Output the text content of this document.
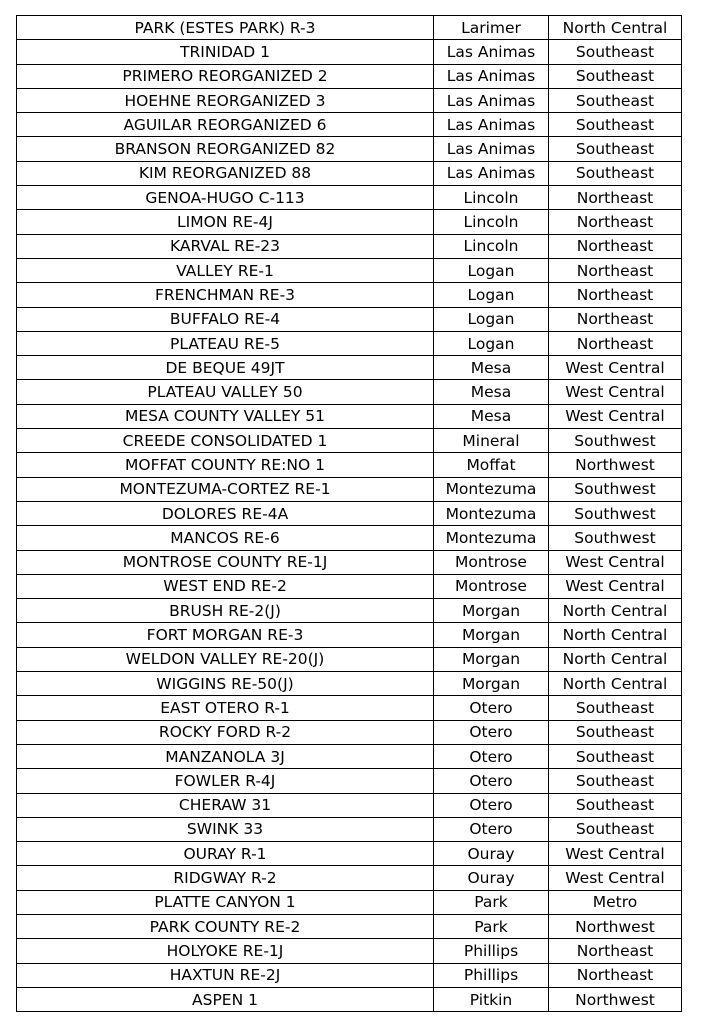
PARK (ESTES PARK) R-3	Larimer	North Central
TRINIDAD 1	Las Animas	Southeast
PRIMERO REORGANIZED 2	Las Animas	Southeast
HOEHNE REORGANIZED 3	Las Animas	Southeast
AGUILAR REORGANIZED 6	Las Animas	Southeast
BRANSON REORGANIZED 82	Las Animas	Southeast
KIM REORGANIZED 88	Las Animas	Southeast
GENOA-HUGO C-113	Lincoln	Northeast
LIMON RE-4J	Lincoln	Northeast
KARVAL RE-23	Lincoln	Northeast
VALLEY RE-1	Logan	Northeast
FRENCHMAN RE-3	Logan	Northeast
BUFFALO RE-4	Logan	Northeast
PLATEAU RE-5	Logan	Northeast
DE BEQUE 49JT	Mesa	West Central
PLATEAU VALLEY 50	Mesa	West Central
MESA COUNTY VALLEY 51	Mesa	West Central
CREEDE CONSOLIDATED 1	Mineral	Southwest
MOFFAT COUNTY RE:NO 1	Moffat	Northwest
MONTEZUMA-CORTEZ RE-1	Montezuma	Southwest
DOLORES RE-4A	Montezuma	Southwest
MANCOS RE-6	Montezuma	Southwest
MONTROSE COUNTY RE-1J	Montrose	West Central
WEST END RE-2	Montrose	West Central
BRUSH RE-2(J)	Morgan	North Central
FORT MORGAN RE-3	Morgan	North Central
WELDON VALLEY RE-20(J)	Morgan	North Central
WIGGINS RE-50(J)	Morgan	North Central
EAST OTERO R-1	Otero	Southeast
ROCKY FORD R-2	Otero	Southeast
MANZANOLA 3J	Otero	Southeast
FOWLER R-4J	Otero	Southeast
CHERAW 31	Otero	Southeast
SWINK 33	Otero	Southeast
OURAY R-1	Ouray	West Central
RIDGWAY R-2	Ouray	West Central
PLATTE CANYON 1	Park	Metro
PARK COUNTY RE-2	Park	Northwest
HOLYOKE RE-1J	Phillips	Northeast
HAXTUN RE-2J	Phillips	Northeast
ASPEN 1	Pitkin	Northwest
